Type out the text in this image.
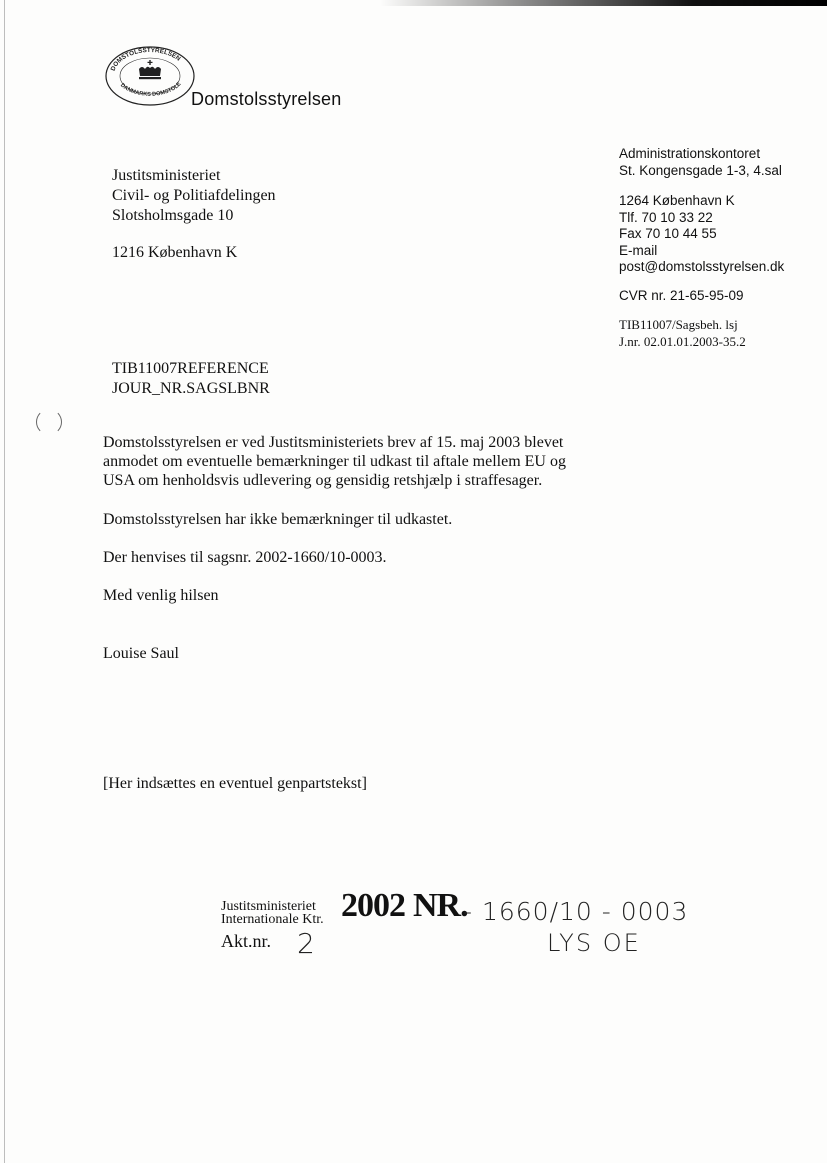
DOMSTOLSSTYRELSEN
DANMARKS DOMSTOLE
Domstolsstyrelsen
Justitsministeriet
Civil- og Politiafdelingen
Slotsholmsgade 10
1216 København K
Administrationskontoret
St. Kongensgade 1-3, 4.sal
1264 København K
Tlf. 70 10 33 22
Fax 70 10 44 55
E-mail
post@domstolsstyrelsen.dk
CVR nr. 21-65-95-09
TIB11007/Sagsbeh. lsj
J.nr. 02.01.01.2003-35.2
TIB11007REFERENCE
JOUR_NR.SAGSLBNR
Domstolsstyrelsen er ved Justitsministeriets brev af 15. maj 2003 blevet
anmodet om eventuelle bemærkninger til udkast til aftale mellem EU og
USA om henholdsvis udlevering og gensidig retshjælp i straffesager.
Domstolsstyrelsen har ikke bemærkninger til udkastet.
Der henvises til sagsnr. 2002-1660/10-0003.
Med venlig hilsen
Louise Saul
[Her indsættes en eventuel genpartstekst]
Justitsministeriet
Internationale Ktr. 2002 NR.
- 1660/10 - 0003
Akt.nr. 2	LYS OE
